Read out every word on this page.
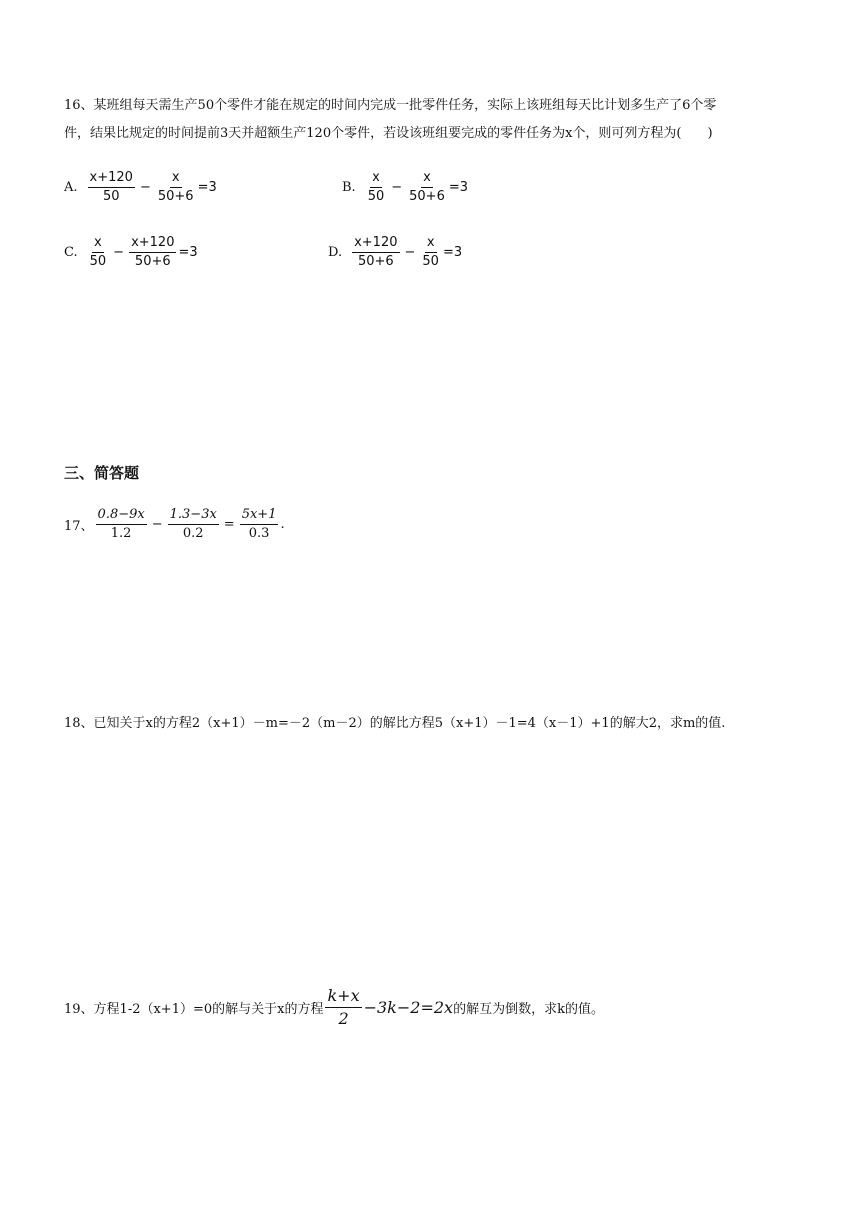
16、某班组每天需生产50个零件才能在规定的时间内完成一批零件任务，实际上该班组每天比计划多生产了6个零
件，结果比规定的时间提前3天并超额生产120个零件，若设该班组要完成的零件任务为x个，则可列方程为(　　)
A. $\frac{x+120}{50} - \frac{x}{50+6} =3$	B. $\frac{x}{50} - \frac{x}{50+6} =3$
C. $\frac{x}{50} - \frac{x+120}{50+6} =3$	D. $\frac{x+120}{50+6} - \frac{x}{50} =3$
三、简答题
17、 $\frac{0.8-9x}{1.2} - \frac{1.3-3x}{0.2} = \frac{5x+1}{0.3}$ .
18、已知关于x的方程2（x+1）－m=－2（m－2）的解比方程5（x+1）－1=4（x－1）+1的解大2，求m的值.
19、方程1-2（x+1）=0的解与关于x的方程 $\frac{k+x}{2} -3k-2=2x$ 的解互为倒数，求k的值。
